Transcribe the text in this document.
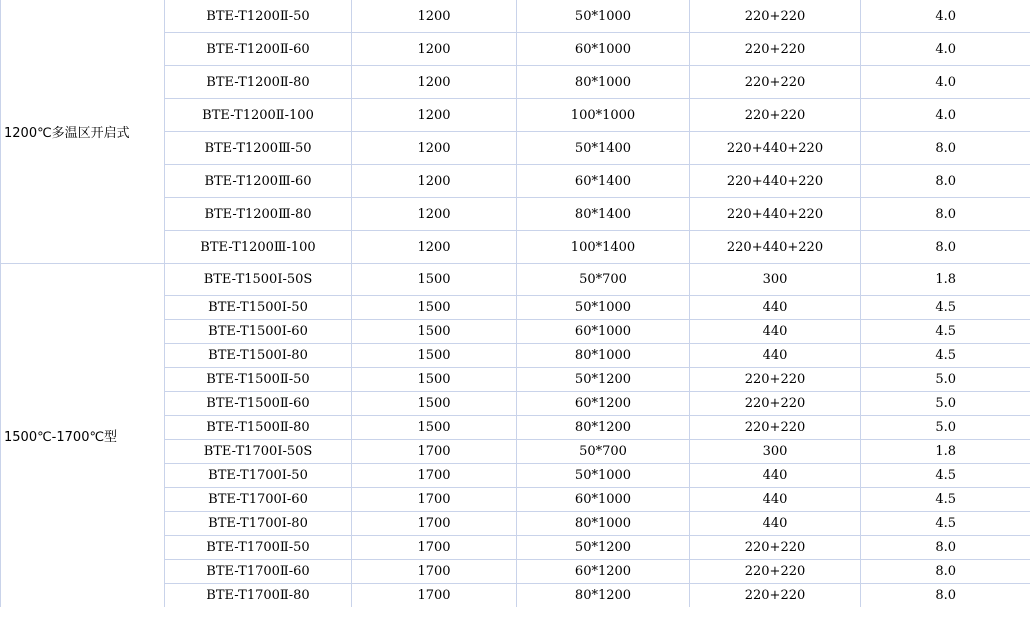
1200℃多温区开启式	BTE-T1200Ⅱ-50	1200	50*1000	220+220	4.0
	BTE-T1200Ⅱ-60	1200	60*1000	220+220	4.0
	BTE-T1200Ⅱ-80	1200	80*1000	220+220	4.0
	BTE-T1200Ⅱ-100	1200	100*1000	220+220	4.0
	BTE-T1200Ⅲ-50	1200	50*1400	220+440+220	8.0
	BTE-T1200Ⅲ-60	1200	60*1400	220+440+220	8.0
	BTE-T1200Ⅲ-80	1200	80*1400	220+440+220	8.0
	BTE-T1200Ⅲ-100	1200	100*1400	220+440+220	8.0
1500℃-1700℃型	BTE-T1500I-50S	1500	50*700	300	1.8
	BTE-T1500I-50	1500	50*1000	440	4.5
	BTE-T1500I-60	1500	60*1000	440	4.5
	BTE-T1500I-80	1500	80*1000	440	4.5
	BTE-T1500Ⅱ-50	1500	50*1200	220+220	5.0
	BTE-T1500Ⅱ-60	1500	60*1200	220+220	5.0
	BTE-T1500Ⅱ-80	1500	80*1200	220+220	5.0
	BTE-T1700I-50S	1700	50*700	300	1.8
	BTE-T1700I-50	1700	50*1000	440	4.5
	BTE-T1700I-60	1700	60*1000	440	4.5
	BTE-T1700I-80	1700	80*1000	440	4.5
	BTE-T1700Ⅱ-50	1700	50*1200	220+220	8.0
	BTE-T1700Ⅱ-60	1700	60*1200	220+220	8.0
	BTE-T1700Ⅱ-80	1700	80*1200	220+220	8.0
